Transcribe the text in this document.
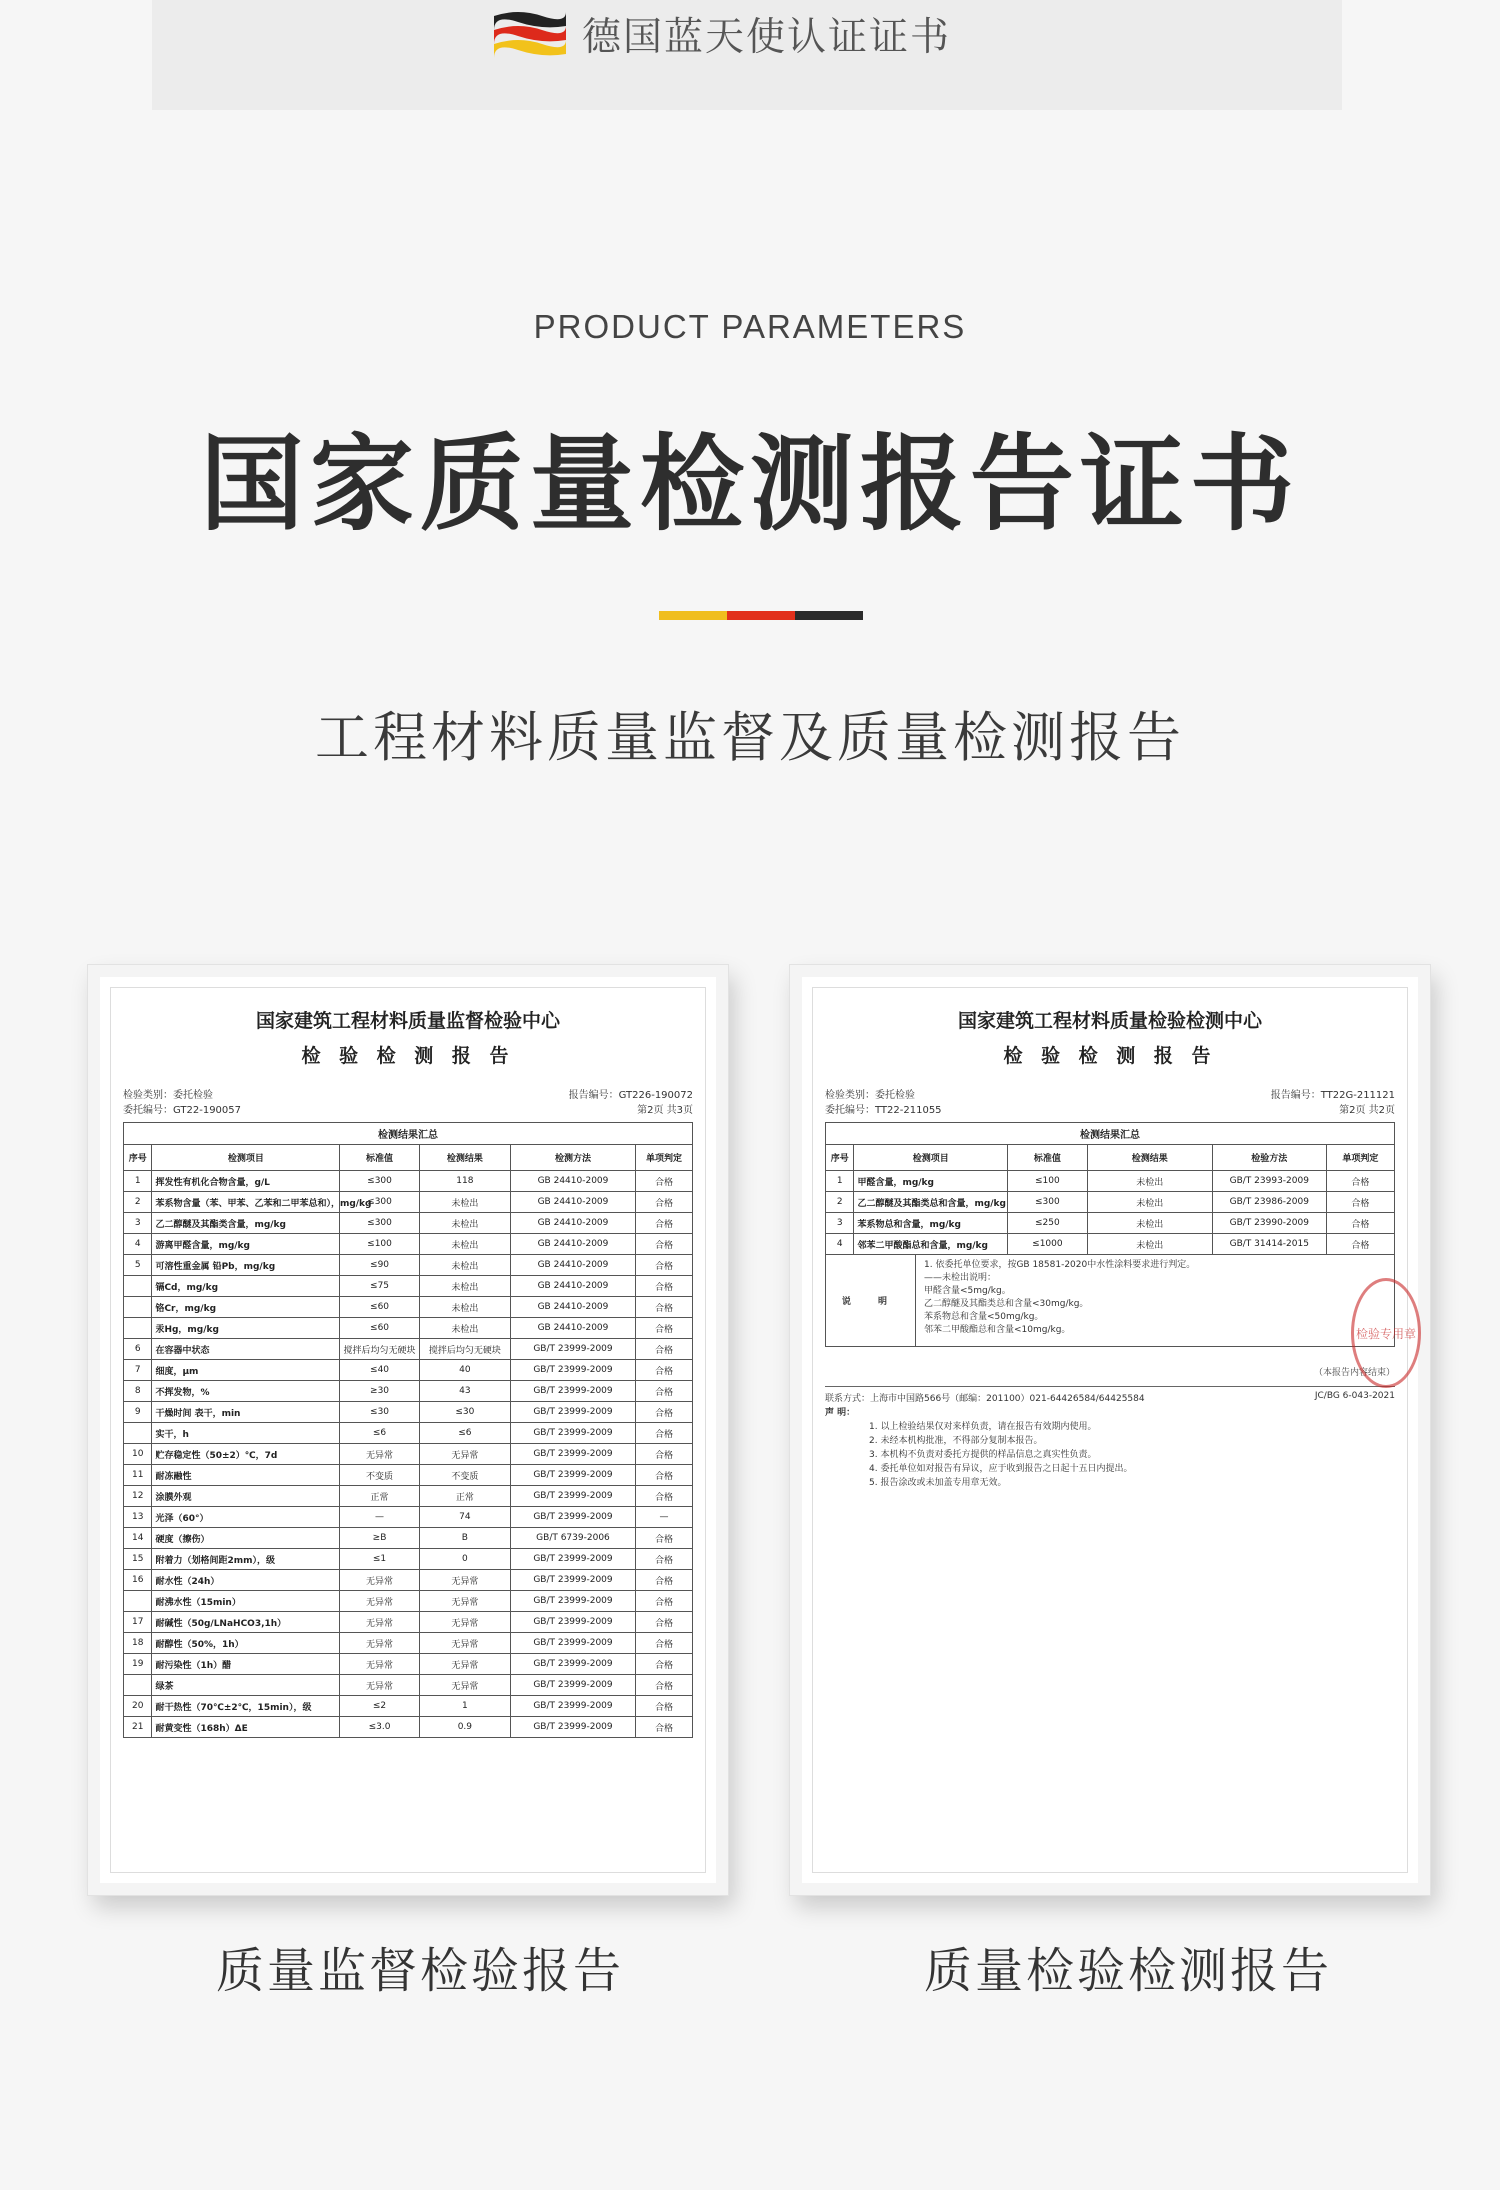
德国蓝天使认证证书
PRODUCT PARAMETERS
国家质量检测报告证书
工程材料质量监督及质量检测报告
国家建筑工程材料质量监督检验中心
检 验 检 测 报 告
检验类别：委托检验
委托编号：GT22-190057
报告编号：GT226-190072
第2页 共3页
检测结果汇总
序号	检测项目	标准值	检测结果	检测方法	单项判定
1	挥发性有机化合物含量，g/L	≤300	118	GB 24410-2009	合格
2	苯系物含量（苯、甲苯、乙苯和二甲苯总和），mg/kg	≤300	未检出	GB 24410-2009	合格
3	乙二醇醚及其酯类含量，mg/kg	≤300	未检出	GB 24410-2009	合格
4	游离甲醛含量，mg/kg	≤100	未检出	GB 24410-2009	合格
5	可溶性重金属 铅Pb，mg/kg	≤90	未检出	GB 24410-2009	合格
	镉Cd，mg/kg	≤75	未检出	GB 24410-2009	合格
	铬Cr，mg/kg	≤60	未检出	GB 24410-2009	合格
	汞Hg，mg/kg	≤60	未检出	GB 24410-2009	合格
6	在容器中状态	搅拌后均匀无硬块	搅拌后均匀无硬块	GB/T 23999-2009	合格
7	细度，μm	≤40	40	GB/T 23999-2009	合格
8	不挥发物，%	≥30	43	GB/T 23999-2009	合格
9	干燥时间 表干，min	≤30	≤30	GB/T 23999-2009	合格
	实干，h	≤6	≤6	GB/T 23999-2009	合格
10	贮存稳定性（50±2）℃，7d	无异常	无异常	GB/T 23999-2009	合格
11	耐冻融性	不变质	不变质	GB/T 23999-2009	合格
12	涂膜外观	正常	正常	GB/T 23999-2009	合格
13	光泽（60°）	—	74	GB/T 23999-2009	—
14	硬度（擦伤）	≥B	B	GB/T 6739-2006	合格
15	附着力（划格间距2mm），级	≤1	0	GB/T 23999-2009	合格
16	耐水性（24h）	无异常	无异常	GB/T 23999-2009	合格
	耐沸水性（15min）	无异常	无异常	GB/T 23999-2009	合格
17	耐碱性（50g/LNaHCO3,1h）	无异常	无异常	GB/T 23999-2009	合格
18	耐醇性（50%，1h）	无异常	无异常	GB/T 23999-2009	合格
19	耐污染性（1h）醋	无异常	无异常	GB/T 23999-2009	合格
	绿茶	无异常	无异常	GB/T 23999-2009	合格
20	耐干热性（70℃±2℃，15min），级	≤2	1	GB/T 23999-2009	合格
21	耐黄变性（168h）ΔE	≤3.0	0.9	GB/T 23999-2009	合格
国家建筑工程材料质量检验检测中心
检 验 检 测 报 告
检验类别：委托检验
委托编号：TT22-211055
报告编号：TT22G-211121
第2页 共2页
检测结果汇总
序号	检测项目	标准值	检测结果	检验方法	单项判定
1	甲醛含量，mg/kg	≤100	未检出	GB/T 23993-2009	合格
2	乙二醇醚及其酯类总和含量，mg/kg	≤300	未检出	GB/T 23986-2009	合格
3	苯系物总和含量，mg/kg	≤250	未检出	GB/T 23990-2009	合格
4	邻苯二甲酸酯总和含量，mg/kg	≤1000	未检出	GB/T 31414-2015	合格
说 明
1. 依委托单位要求，按GB 18581-2020中水性涂料要求进行判定。
——未检出说明：
甲醛含量<5mg/kg。
乙二醇醚及其酯类总和含量<30mg/kg。
苯系物总和含量<50mg/kg。
邻苯二甲酸酯总和含量<10mg/kg。
（本报告内容结束）
联系方式：上海市中国路566号（邮编：201100）021-64426584/64425584	JC/BG 6-043-2021
声 明：
1. 以上检验结果仅对来样负责，请在报告有效期内使用。
2. 未经本机构批准，不得部分复制本报告。
3. 本机构不负责对委托方提供的样品信息之真实性负责。
4. 委托单位如对报告有异议，应于收到报告之日起十五日内提出。
5. 报告涂改或未加盖专用章无效。
检验专用章
质量监督检验报告	质量检验检测报告
